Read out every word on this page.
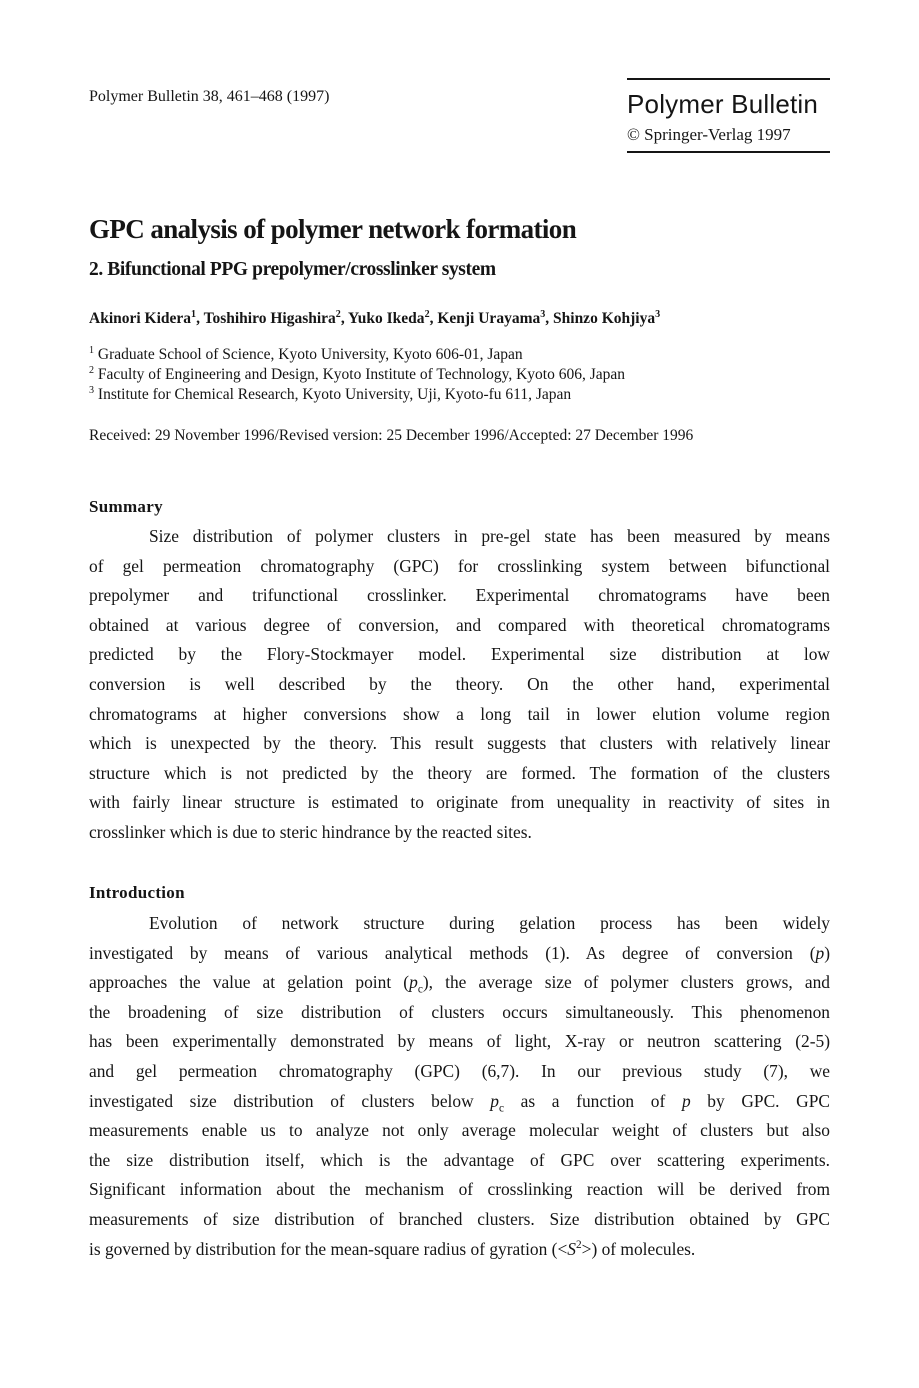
Polymer Bulletin 38, 461–468 (1997)	Polymer Bulletin
© Springer-Verlag 1997
GPC analysis of polymer network formation
2. Bifunctional PPG prepolymer/crosslinker system
Akinori Kidera$^1$, Toshihiro Higashira$^2$, Yuko Ikeda$^2$, Kenji Urayama$^3$, Shinzo Kohjiya$^3$
$^1$ Graduate School of Science, Kyoto University, Kyoto 606-01, Japan
$^2$ Faculty of Engineering and Design, Kyoto Institute of Technology, Kyoto 606, Japan
$^3$ Institute for Chemical Research, Kyoto University, Uji, Kyoto-fu 611, Japan
Received: 29 November 1996/Revised version: 25 December 1996/Accepted: 27 December 1996
Summary
Size distribution of polymer clusters in pre-gel state has been measured by means
of gel permeation chromatography (GPC) for crosslinking system between bifunctional
prepolymer and trifunctional crosslinker. Experimental chromatograms have been
obtained at various degree of conversion, and compared with theoretical chromatograms
predicted by the Flory-Stockmayer model. Experimental size distribution at low
conversion is well described by the theory. On the other hand, experimental
chromatograms at higher conversions show a long tail in lower elution volume region
which is unexpected by the theory. This result suggests that clusters with relatively linear
structure which is not predicted by the theory are formed. The formation of the clusters
with fairly linear structure is estimated to originate from unequality in reactivity of sites in
crosslinker which is due to steric hindrance by the reacted sites.
Introduction
Evolution of network structure during gelation process has been widely
investigated by means of various analytical methods (1). As degree of conversion (p)
approaches the value at gelation point $(p_c)$, the average size of polymer clusters grows, and
the broadening of size distribution of clusters occurs simultaneously. This phenomenon
has been experimentally demonstrated by means of light, X-ray or neutron scattering (2-5)
and gel permeation chromatography (GPC) (6,7). In our previous study (7), we
investigated size distribution of clusters below $p_c$ as a function of p by GPC. GPC
measurements enable us to analyze not only average molecular weight of clusters but also
the size distribution itself, which is the advantage of GPC over scattering experiments.
Significant information about the mechanism of crosslinking reaction will be derived from
measurements of size distribution of branched clusters. Size distribution obtained by GPC
is governed by distribution for the mean-square radius of gyration $(<S^2>)$ of molecules.
